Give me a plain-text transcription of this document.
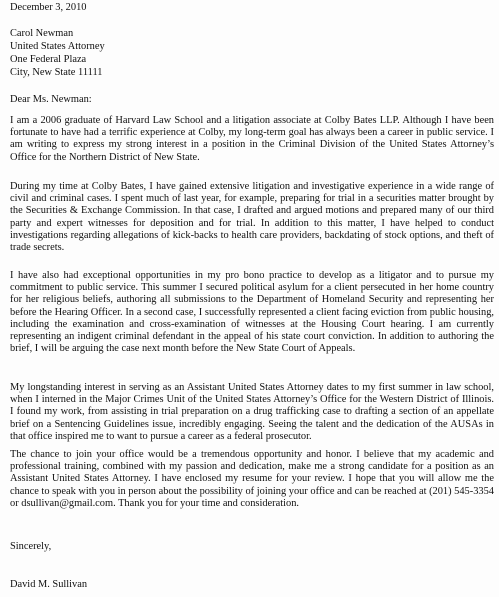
December 3, 2010
Carol Newman
United States Attorney
One Federal Plaza
City, New State 11111
Dear Ms. Newman:
I am a 2006 graduate of Harvard Law School and a litigation associate at Colby Bates LLP. Although I have been fortunate to have had a terrific experience at Colby, my long-term goal has always been a career in public service. I am writing to express my strong interest in a position in the Criminal Division of the United States Attorney’s Office for the Northern District of New State.
During my time at Colby Bates, I have gained extensive litigation and investigative experience in a wide range of civil and criminal cases. I spent much of last year, for example, preparing for trial in a securities matter brought by the Securities & Exchange Commission. In that case, I drafted and argued motions and prepared many of our third party and expert witnesses for deposition and for trial. In addition to this matter, I have helped to conduct investigations regarding allegations of kick-backs to health care providers, backdating of stock options, and theft of trade secrets.
I have also had exceptional opportunities in my pro bono practice to develop as a litigator and to pursue my commitment to public service. This summer I secured political asylum for a client persecuted in her home country for her religious beliefs, authoring all submissions to the Department of Homeland Security and representing her before the Hearing Officer. In a second case, I successfully represented a client facing eviction from public housing, including the examination and cross-examination of witnesses at the Housing Court hearing. I am currently representing an indigent criminal defendant in the appeal of his state court conviction. In addition to authoring the brief, I will be arguing the case next month before the New State Court of Appeals.
My longstanding interest in serving as an Assistant United States Attorney dates to my first summer in law school, when I interned in the Major Crimes Unit of the United States Attorney’s Office for the Western District of Illinois. I found my work, from assisting in trial preparation on a drug trafficking case to drafting a section of an appellate brief on a Sentencing Guidelines issue, incredibly engaging. Seeing the talent and the dedication of the AUSAs in that office inspired me to want to pursue a career as a federal prosecutor.
The chance to join your office would be a tremendous opportunity and honor. I believe that my academic and professional training, combined with my passion and dedication, make me a strong candidate for a position as an Assistant United States Attorney. I have enclosed my resume for your review. I hope that you will allow me the chance to speak with you in person about the possibility of joining your office and can be reached at (201) 545-3354 or dsullivan@gmail.com. Thank you for your time and consideration.
Sincerely,
David M. Sullivan
